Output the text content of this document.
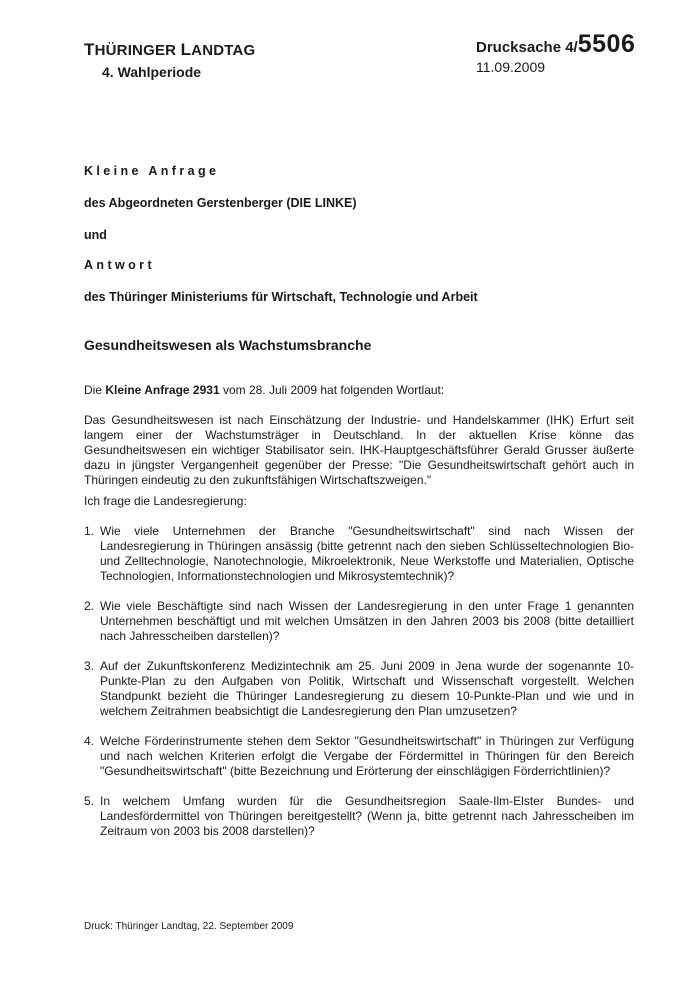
THÜRINGER LANDTAG
4. Wahlperiode
Drucksache 4/5506
11.09.2009
Kleine Anfrage
des Abgeordneten Gerstenberger (DIE LINKE)
und
Antwort
des Thüringer Ministeriums für Wirtschaft, Technologie und Arbeit
Gesundheitswesen als Wachstumsbranche
Die Kleine Anfrage 2931 vom 28. Juli 2009 hat folgenden Wortlaut:
Das Gesundheitswesen ist nach Einschätzung der Industrie- und Handelskammer (IHK) Erfurt seit langem einer der Wachstumsträger in Deutschland. In der aktuellen Krise könne das Gesundheitswesen ein wichtiger Stabilisator sein. IHK-Hauptgeschäftsführer Gerald Grusser äußerte dazu in jüngster Vergangenheit gegenüber der Presse: "Die Gesundheitswirtschaft gehört auch in Thüringen eindeutig zu den zukunftsfähigen Wirtschaftszweigen."
Ich frage die Landesregierung:
1. Wie viele Unternehmen der Branche "Gesundheitswirtschaft" sind nach Wissen der Landesregierung in Thüringen ansässig (bitte getrennt nach den sieben Schlüsseltechnologien Bio- und Zelltechnologie, Nanotechnologie, Mikroelektronik, Neue Werkstoffe und Materialien, Optische Technologien, Informationstechnologien und Mikrosystemtechnik)?
2. Wie viele Beschäftigte sind nach Wissen der Landesregierung in den unter Frage 1 genannten Unternehmen beschäftigt und mit welchen Umsätzen in den Jahren 2003 bis 2008 (bitte detailliert nach Jahresscheiben darstellen)?
3. Auf der Zukunftskonferenz Medizintechnik am 25. Juni 2009 in Jena wurde der sogenannte 10-Punkte-Plan zu den Aufgaben von Politik, Wirtschaft und Wissenschaft vorgestellt. Welchen Standpunkt bezieht die Thüringer Landesregierung zu diesem 10-Punkte-Plan und wie und in welchem Zeitrahmen beabsichtigt die Landesregierung den Plan umzusetzen?
4. Welche Förderinstrumente stehen dem Sektor "Gesundheitswirtschaft" in Thüringen zur Verfügung und nach welchen Kriterien erfolgt die Vergabe der Fördermittel in Thüringen für den Bereich "Gesundheitswirtschaft" (bitte Bezeichnung und Erörterung der einschlägigen Förderrichtlinien)?
5. In welchem Umfang wurden für die Gesundheitsregion Saale-Ilm-Elster Bundes- und Landesfördermittel von Thüringen bereitgestellt? (Wenn ja, bitte getrennt nach Jahresscheiben im Zeitraum von 2003 bis 2008 darstellen)?
Druck: Thüringer Landtag, 22. September 2009
